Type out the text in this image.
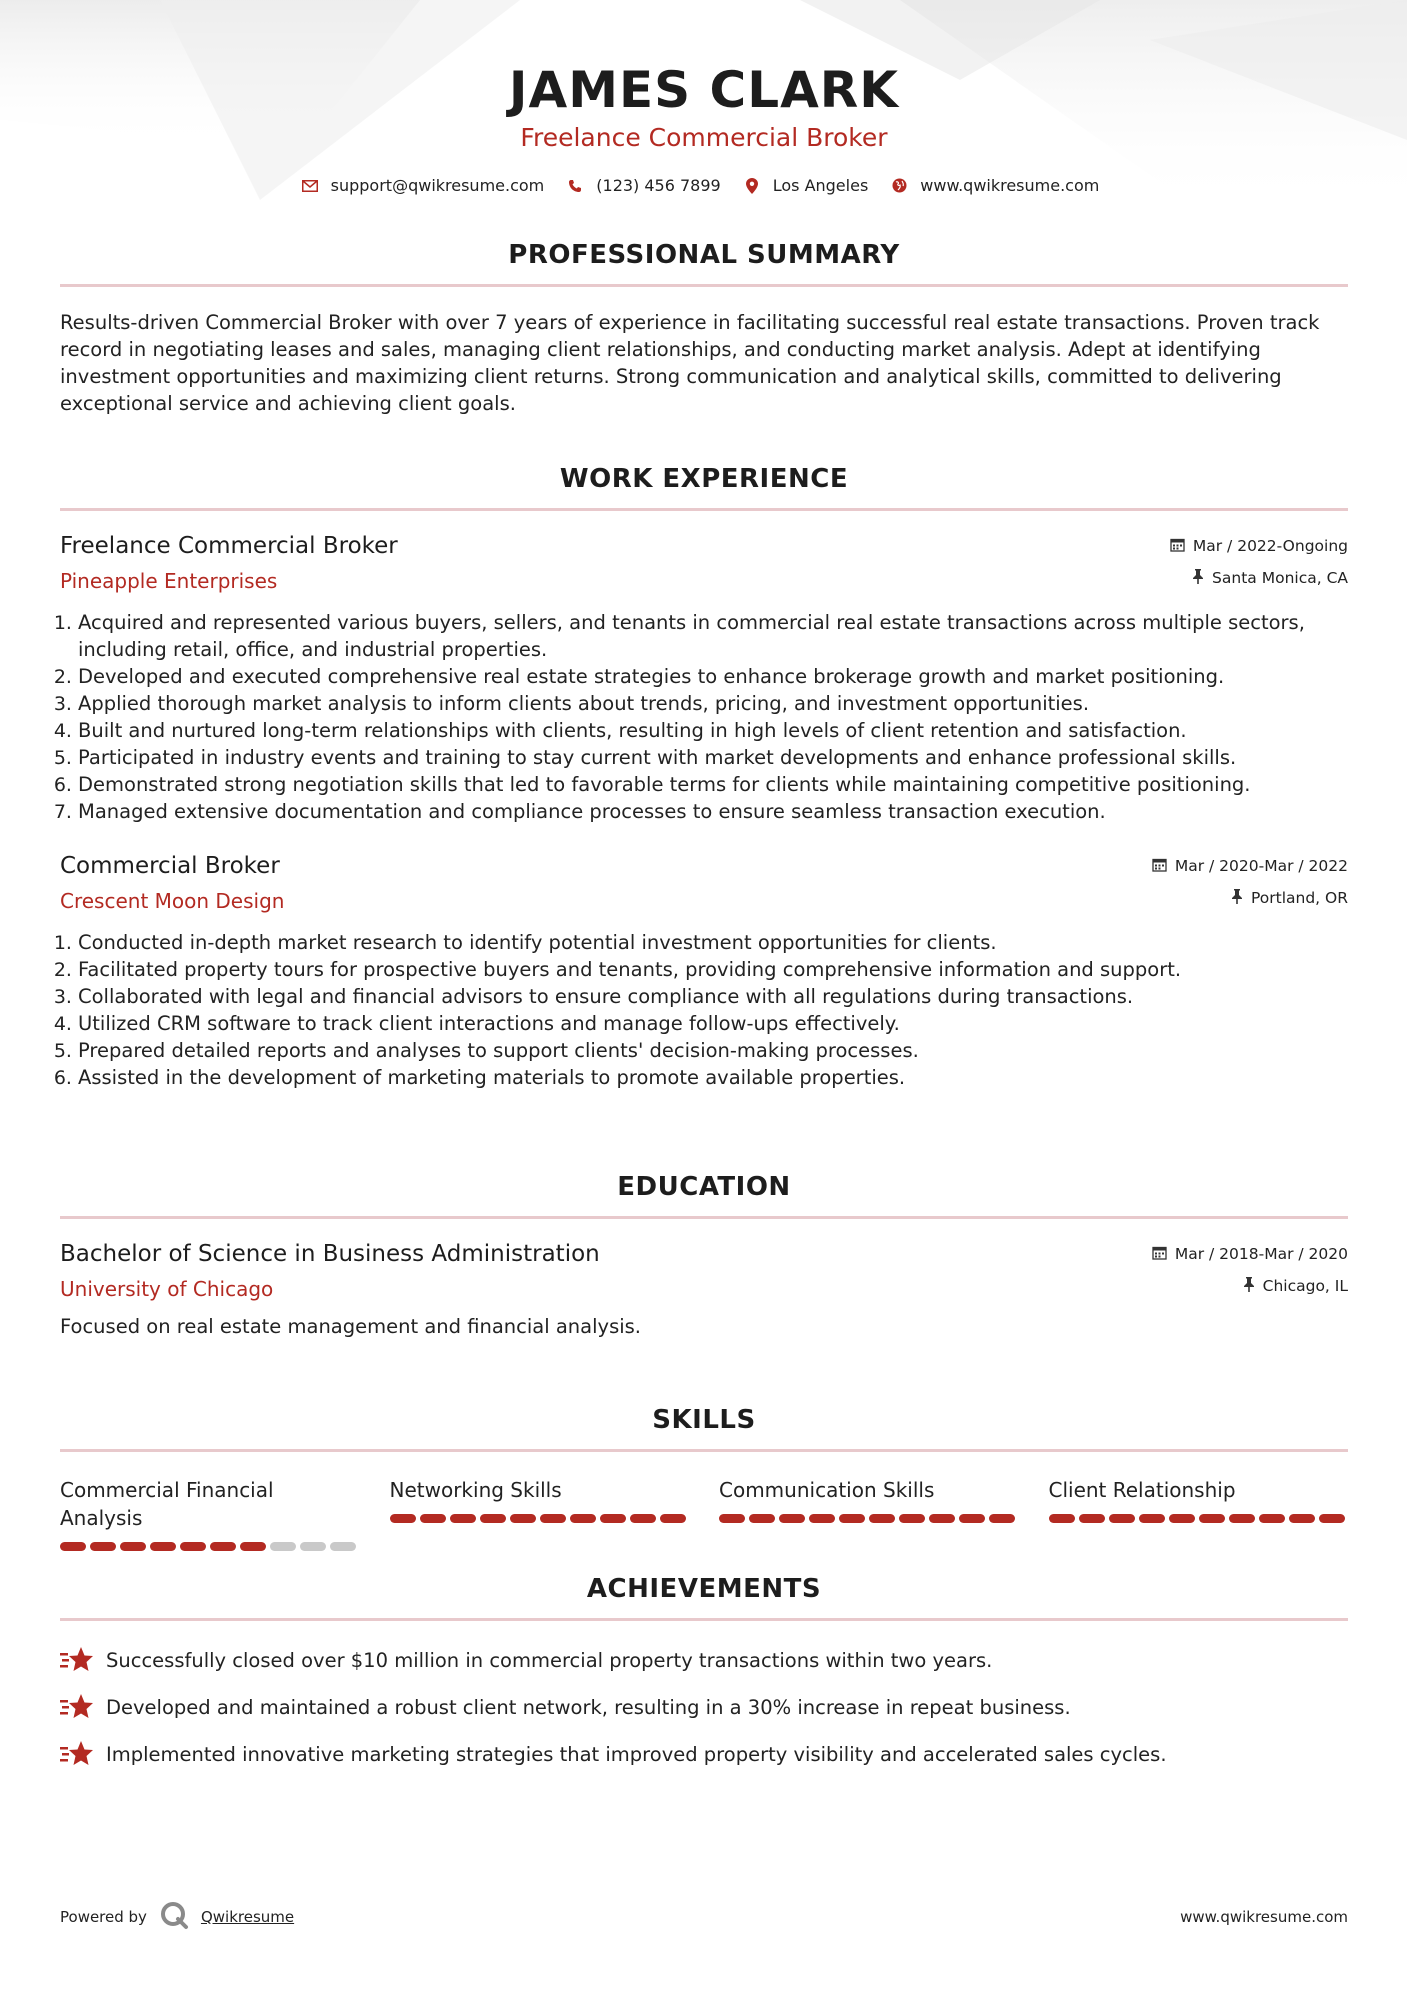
JAMES CLARK
Freelance Commercial Broker
support@qwikresume.com	(123) 456 7899	Los Angeles	www.qwikresume.com
PROFESSIONAL SUMMARY
Results-driven Commercial Broker with over 7 years of experience in facilitating successful real estate transactions. Proven track record in negotiating leases and sales, managing client relationships, and conducting market analysis. Adept at identifying investment opportunities and maximizing client returns. Strong communication and analytical skills, committed to delivering exceptional service and achieving client goals.
WORK EXPERIENCE
Freelance Commercial Broker	Mar / 2022-Ongoing
Pineapple Enterprises	Santa Monica, CA
1. Acquired and represented various buyers, sellers, and tenants in commercial real estate transactions across multiple sectors, including retail, office, and industrial properties.
2. Developed and executed comprehensive real estate strategies to enhance brokerage growth and market positioning.
3. Applied thorough market analysis to inform clients about trends, pricing, and investment opportunities.
4. Built and nurtured long-term relationships with clients, resulting in high levels of client retention and satisfaction.
5. Participated in industry events and training to stay current with market developments and enhance professional skills.
6. Demonstrated strong negotiation skills that led to favorable terms for clients while maintaining competitive positioning.
7. Managed extensive documentation and compliance processes to ensure seamless transaction execution.
Commercial Broker	Mar / 2020-Mar / 2022
Crescent Moon Design	Portland, OR
1. Conducted in-depth market research to identify potential investment opportunities for clients.
2. Facilitated property tours for prospective buyers and tenants, providing comprehensive information and support.
3. Collaborated with legal and financial advisors to ensure compliance with all regulations during transactions.
4. Utilized CRM software to track client interactions and manage follow-ups effectively.
5. Prepared detailed reports and analyses to support clients' decision-making processes.
6. Assisted in the development of marketing materials to promote available properties.
EDUCATION
Bachelor of Science in Business Administration	Mar / 2018-Mar / 2020
University of Chicago	Chicago, IL
Focused on real estate management and financial analysis.
SKILLS
Commercial Financial Analysis
Networking Skills	Communication Skills	Client Relationship
ACHIEVEMENTS
Successfully closed over $10 million in commercial property transactions within two years.
Developed and maintained a robust client network, resulting in a 30% increase in repeat business.
Implemented innovative marketing strategies that improved property visibility and accelerated sales cycles.
Powered by	Qwikresume	www.qwikresume.com
